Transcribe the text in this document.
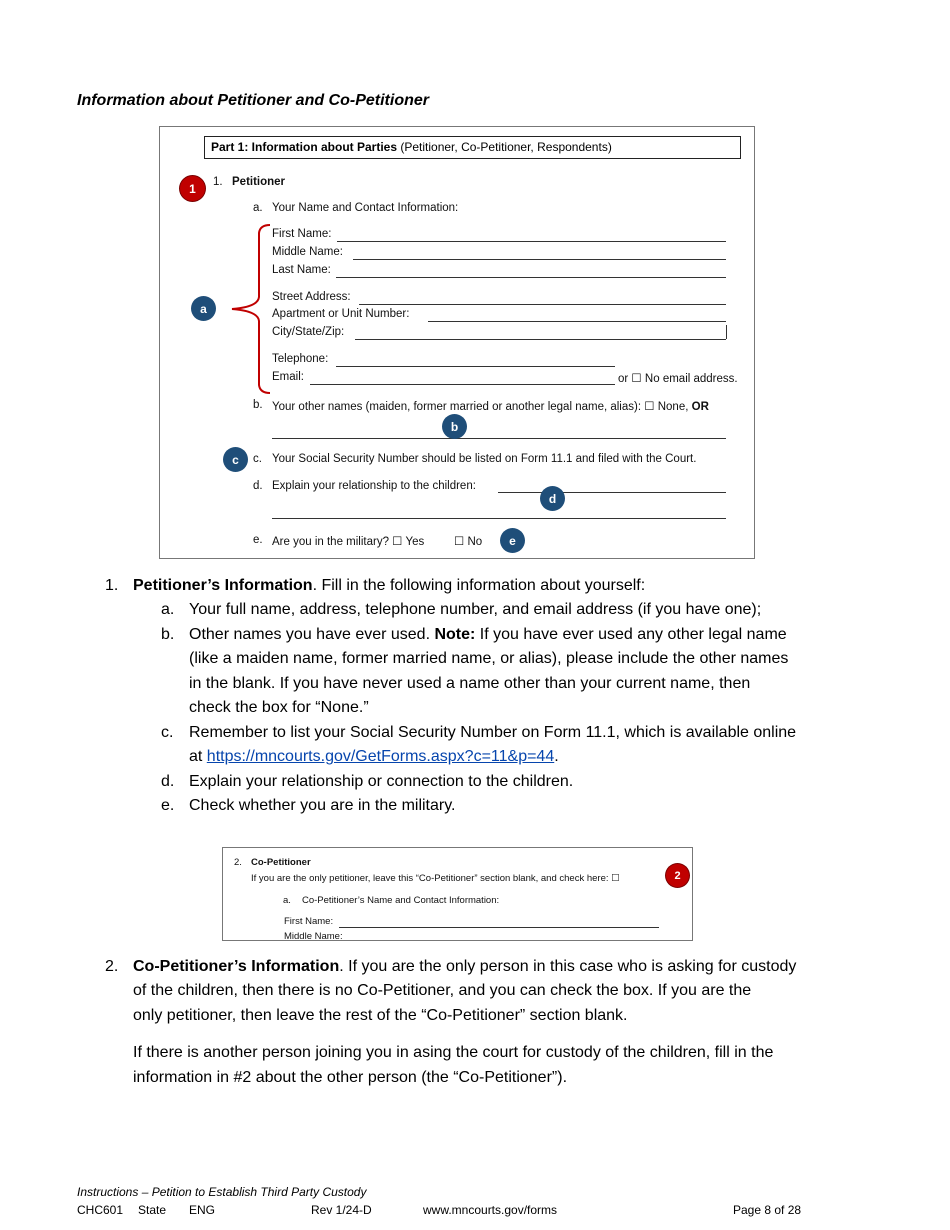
Information about Petitioner and Co-Petitioner
Part 1: Information about Parties (Petitioner, Co-Petitioner, Respondents)
1	1. Petitioner
a. Your Name and Contact Information:
a
First Name:
Middle Name:
Last Name:
Street Address:
Apartment or Unit Number:
City/State/Zip:
Telephone:
Email:	or ☐ No email address.
b. Your other names (maiden, former married or another legal name, alias): ☐ None, OR
b
c	c. Your Social Security Number should be listed on Form 11.1 and filed with the Court.
d. Explain your relationship to the children:
d
e. Are you in the military? ☐ Yes	☐ No	e
1. Petitioner’s Information. Fill in the following information about yourself:
a. Your full name, address, telephone number, and email address (if you have one);
b. Other names you have ever used. Note: If you have ever used any other legal name
(like a maiden name, former married name, or alias), please include the other names
in the blank. If you have never used a name other than your current name, then
check the box for “None.”
c. Remember to list your Social Security Number on Form 11.1, which is available online
at https://mncourts.gov/GetForms.aspx?c=11&p=44.
d. Explain your relationship or connection to the children.
e. Check whether you are in the military.
2. Co-Petitioner
If you are the only petitioner, leave this “Co-Petitioner” section blank, and check here: ☐	2
a. Co-Petitioner’s Name and Contact Information:
First Name:
Middle Name:
2. Co-Petitioner’s Information. If you are the only person in this case who is asking for custody
of the children, then there is no Co-Petitioner, and you can check the box. If you are the
only petitioner, then leave the rest of the “Co-Petitioner” section blank.
If there is another person joining you in asing the court for custody of the children, fill in the
information in #2 about the other person (the “Co-Petitioner”).
Instructions – Petition to Establish Third Party Custody
CHC601 State ENG	Rev 1/24-D	www.mncourts.gov/forms	Page 8 of 28
